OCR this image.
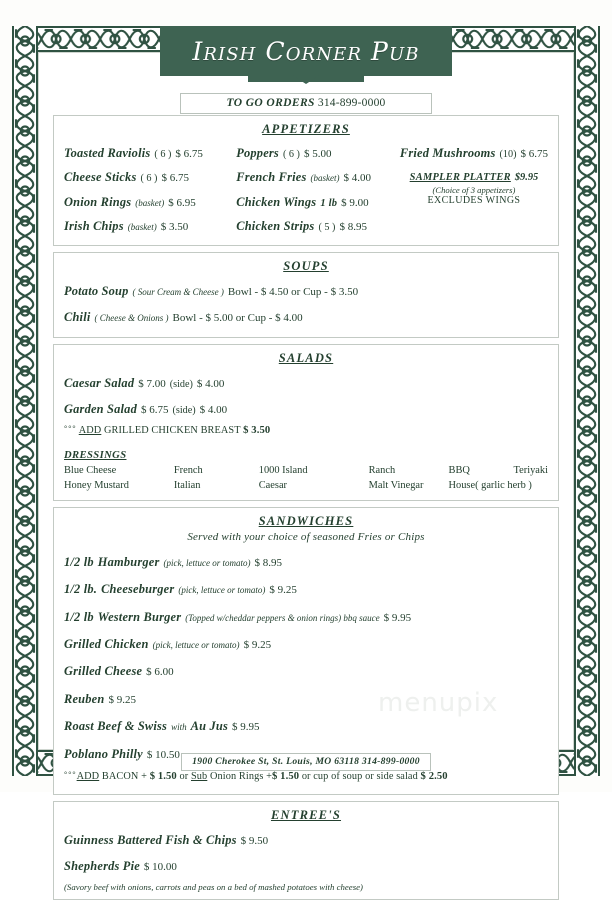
Irish Corner Pub
TO GO ORDERS 314-899-0000
APPETIZERS
Toasted Raviolis ( 6 ) $ 6.75
Cheese Sticks ( 6 ) $ 6.75
Onion Rings (basket) $ 6.95
Irish Chips (basket) $ 3.50
Poppers ( 6 ) $ 5.00
French Fries (basket) $ 4.00
Chicken Wings 1 lb $ 9.00
Chicken Strips ( 5 ) $ 8.95
Fried Mushrooms (10) $ 6.75
SAMPLER PLATTER $9.95
(Choice of 3 appetizers)
EXCLUDES WINGS
SOUPS
Potato Soup ( Sour Cream & Cheese ) Bowl - $ 4.50 or Cup - $ 3.50
Chili ( Cheese & Onions ) Bowl - $ 5.00 or Cup - $ 4.00
SALADS
Caesar Salad $ 7.00 (side) $ 4.00
Garden Salad $ 6.75 (side) $ 4.00
°°° ADD GRILLED CHICKEN BREAST $ 3.50
DRESSINGS
Blue Cheese
Honey Mustard
French
Italian
1000 Island
Caesar
Ranch
Malt Vinegar
BBQ
House( garlic herb )
Teriyaki
SANDWICHES
Served with your choice of seasoned Fries or Chips
1/2 lb Hamburger (pick, lettuce or tomato) $ 8.95
1/2 lb. Cheeseburger (pick, lettuce or tomato) $ 9.25
1/2 lb Western Burger (Topped w/cheddar peppers & onion rings) bbq sauce $ 9.95
Grilled Chicken (pick, lettuce or tomato) $ 9.25
Grilled Cheese $ 6.00
Reuben $ 9.25
Roast Beef & Swiss with Au Jus $ 9.95
Poblano Philly $ 10.50
°°°ADD BACON + $ 1.50 or Sub Onion Rings +$ 1.50 or cup of soup or side salad $ 2.50
ENTREE'S
Guinness Battered Fish & Chips $ 9.50
Shepherds Pie $ 10.00
(Savory beef with onions, carrots and peas on a bed of mashed potatoes with cheese)
1900 Cherokee St, St. Louis, MO 63118 314-899-0000
menupix
